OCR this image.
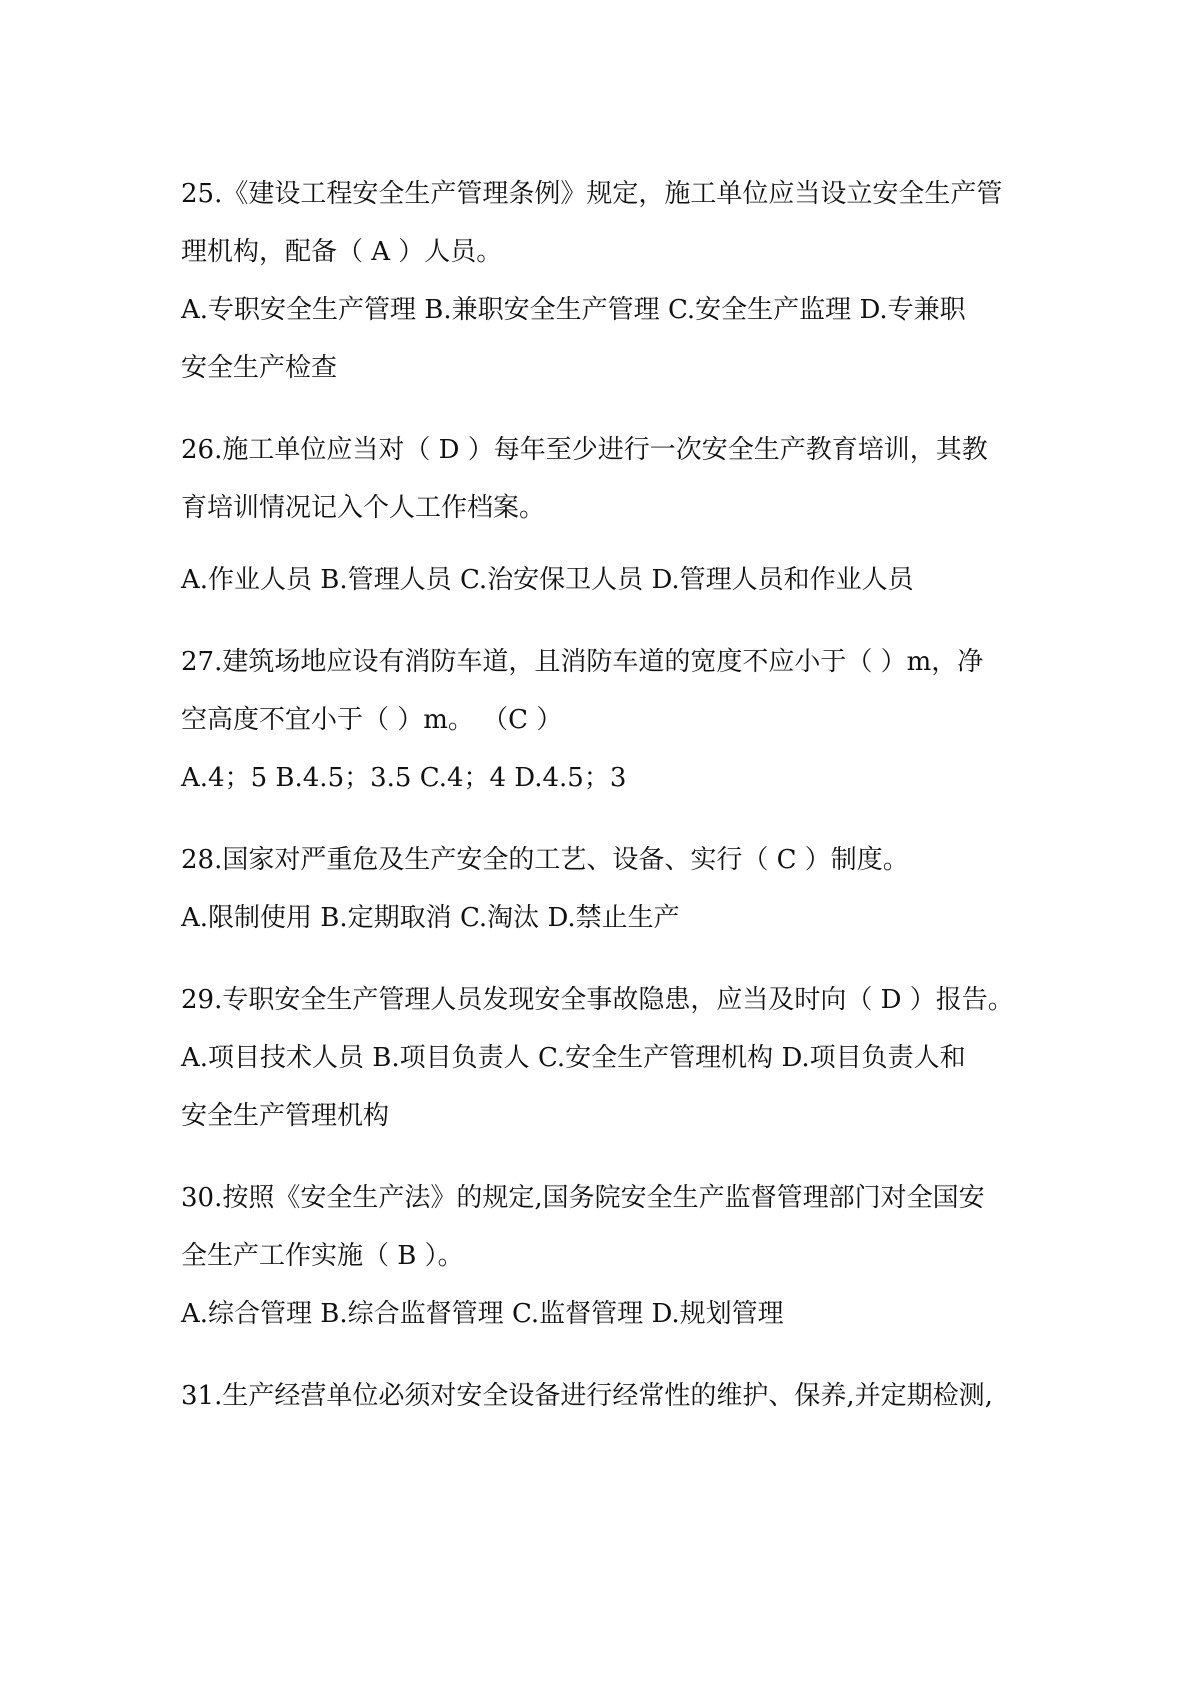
25.《建设工程安全生产管理条例》规定，施工单位应当设立安全生产管

理机构，配备（ A ）人员。

A.专职安全生产管理 B.兼职安全生产管理 C.安全生产监理 D.专兼职

安全生产检查

26.施工单位应当对（ D ）每年至少进行一次安全生产教育培训，其教

育培训情况记入个人工作档案。

A.作业人员 B.管理人员 C.治安保卫人员 D.管理人员和作业人员

27.建筑场地应设有消防车道，且消防车道的宽度不应小于（ ）m，净

空高度不宜小于（ ）m。 （C ）

A.4；5 B.4.5；3.5 C.4；4 D.4.5；3

28.国家对严重危及生产安全的工艺、设备、实行（ C ）制度。

A.限制使用 B.定期取消 C.淘汰 D.禁止生产

29.专职安全生产管理人员发现安全事故隐患，应当及时向（ D ）报告。

A.项目技术人员 B.项目负责人 C.安全生产管理机构 D.项目负责人和

安全生产管理机构

30.按照《安全生产法》的规定,国务院安全生产监督管理部门对全国安

全生产工作实施（ B ）。

A.综合管理 B.综合监督管理 C.监督管理 D.规划管理

31.生产经营单位必须对安全设备进行经常性的维护、保养,并定期检测,
